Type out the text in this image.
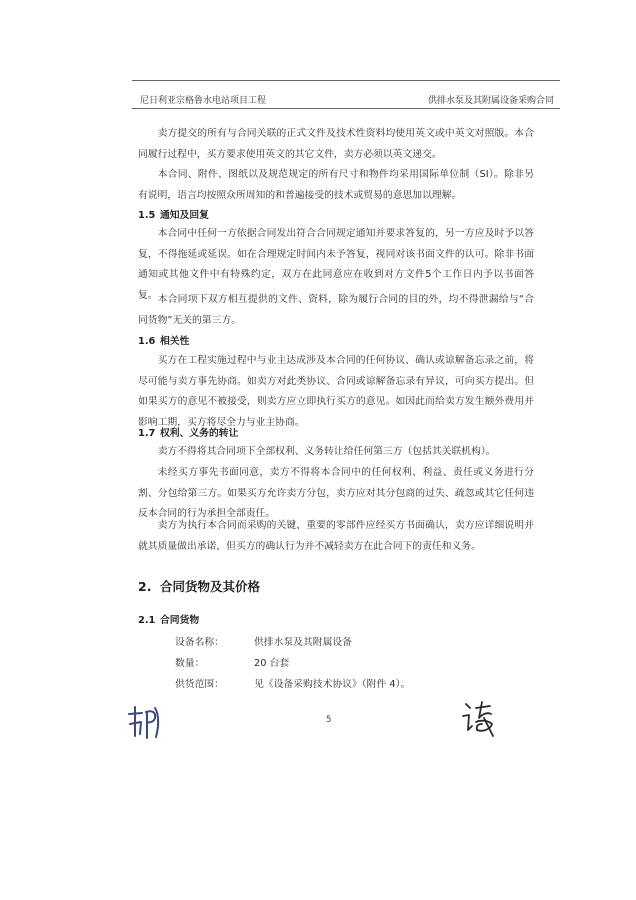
尼日利亚宗格鲁水电站项目工程	供排水泵及其附属设备采购合同

卖方提交的所有与合同关联的正式文件及技术性资料均使用英文或中英文对照版。本合同履行过程中，买方要求使用英文的其它文件，卖方必须以英文递交。

本合同、附件、图纸以及规范规定的所有尺寸和物件均采用国际单位制（SI）。除非另有说明，语言均按照众所周知的和普遍接受的技术或贸易的意思加以理解。

1.5 通知及回复

本合同中任何一方依据合同发出符合合同规定通知并要求答复的，另一方应及时予以答复，不得拖延或延误。如在合理规定时间内未予答复，视同对该书面文件的认可。除非书面通知或其他文件中有特殊约定，双方在此同意应在收到对方文件5个工作日内予以书面答复。 本合同项下双方相互提供的文件、资料，除为履行合同的目的外，均不得泄漏给与“合同货物”无关的第三方。

1.6 相关性

买方在工程实施过程中与业主达成涉及本合同的任何协议、确认或谅解备忘录之前，将尽可能与卖方事先协商。如卖方对此类协议、合同或谅解备忘录有异议，可向买方提出。但如果买方的意见不被接受，则卖方应立即执行买方的意见。如因此而给卖方发生额外费用并影响工期，买方将尽全力与业主协商。

1.7 权利、义务的转让

卖方不得将其合同项下全部权利、义务转让给任何第三方（包括其关联机构）。

未经买方事先书面同意，卖方不得将本合同中的任何权利、利益、责任或义务进行分割、分包给第三方。如果买方允许卖方分包，卖方应对其分包商的过失、疏忽或其它任何违反本合同的行为承担全部责任。

卖方为执行本合同而采购的关键、重要的零部件应经买方书面确认，卖方应详细说明并就其质量做出承诺，但买方的确认行为并不减轻卖方在此合同下的责任和义务。

2. 合同货物及其价格
2.1 合同货物
设备名称：	供排水泵及其附属设备
数量：	20 台套
供货范围：	见《设备采购技术协议》（附件 4）。
5
